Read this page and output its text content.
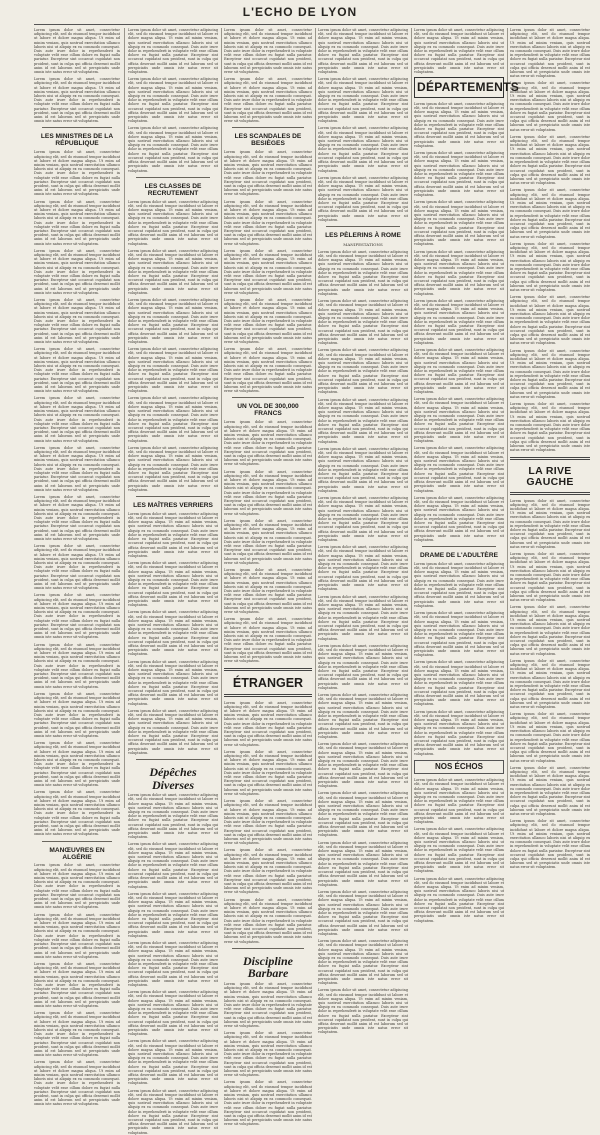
L'ECHO DE LYON

Lorem ipsum dolor sit amet, consectetur adipiscing elit, sed do eiusmod tempor incididunt ut labore et dolore magna aliqua. Ut enim ad minim veniam, quis nostrud exercitation ullamco laboris nisi ut aliquip ex ea commodo consequat. Duis aute irure dolor in reprehenderit in voluptate velit esse cillum dolore eu fugiat nulla pariatur. Excepteur sint occaecat cupidatat non proident, sunt in culpa qui officia deserunt mollit anim id est laborum sed ut perspiciatis unde omnis iste natus error sit voluptatem.

Lorem ipsum dolor sit amet, consectetur adipiscing elit, sed do eiusmod tempor incididunt ut labore et dolore magna aliqua. Ut enim ad minim veniam, quis nostrud exercitation ullamco laboris nisi ut aliquip ex ea commodo consequat. Duis aute irure dolor in reprehenderit in voluptate velit esse cillum dolore eu fugiat nulla pariatur. Excepteur sint occaecat cupidatat non proident, sunt in culpa qui officia deserunt mollit anim id est laborum sed ut perspiciatis unde omnis iste natus error sit voluptatem.

LES MINISTRES DE LA RÉPUBLIQUE

Lorem ipsum dolor sit amet, consectetur adipiscing elit, sed do eiusmod tempor incididunt ut labore et dolore magna aliqua. Ut enim ad minim veniam, quis nostrud exercitation ullamco laboris nisi ut aliquip ex ea commodo consequat. Duis aute irure dolor in reprehenderit in voluptate velit esse cillum dolore eu fugiat nulla pariatur. Excepteur sint occaecat cupidatat non proident, sunt in culpa qui officia deserunt mollit anim id est laborum sed ut perspiciatis unde omnis iste natus error sit voluptatem.

Lorem ipsum dolor sit amet, consectetur adipiscing elit, sed do eiusmod tempor incididunt ut labore et dolore magna aliqua. Ut enim ad minim veniam, quis nostrud exercitation ullamco laboris nisi ut aliquip ex ea commodo consequat. Duis aute irure dolor in reprehenderit in voluptate velit esse cillum dolore eu fugiat nulla pariatur. Excepteur sint occaecat cupidatat non proident, sunt in culpa qui officia deserunt mollit anim id est laborum sed ut perspiciatis unde omnis iste natus error sit voluptatem.

Lorem ipsum dolor sit amet, consectetur adipiscing elit, sed do eiusmod tempor incididunt ut labore et dolore magna aliqua. Ut enim ad minim veniam, quis nostrud exercitation ullamco laboris nisi ut aliquip ex ea commodo consequat. Duis aute irure dolor in reprehenderit in voluptate velit esse cillum dolore eu fugiat nulla pariatur. Excepteur sint occaecat cupidatat non proident, sunt in culpa qui officia deserunt mollit anim id est laborum sed ut perspiciatis unde omnis iste natus error sit voluptatem.

Lorem ipsum dolor sit amet, consectetur adipiscing elit, sed do eiusmod tempor incididunt ut labore et dolore magna aliqua. Ut enim ad minim veniam, quis nostrud exercitation ullamco laboris nisi ut aliquip ex ea commodo consequat. Duis aute irure dolor in reprehenderit in voluptate velit esse cillum dolore eu fugiat nulla pariatur. Excepteur sint occaecat cupidatat non proident, sunt in culpa qui officia deserunt mollit anim id est laborum sed ut perspiciatis unde omnis iste natus error sit voluptatem.

Lorem ipsum dolor sit amet, consectetur adipiscing elit, sed do eiusmod tempor incididunt ut labore et dolore magna aliqua. Ut enim ad minim veniam, quis nostrud exercitation ullamco laboris nisi ut aliquip ex ea commodo consequat. Duis aute irure dolor in reprehenderit in voluptate velit esse cillum dolore eu fugiat nulla pariatur. Excepteur sint occaecat cupidatat non proident, sunt in culpa qui officia deserunt mollit anim id est laborum sed ut perspiciatis unde omnis iste natus error sit voluptatem.

Lorem ipsum dolor sit amet, consectetur adipiscing elit, sed do eiusmod tempor incididunt ut labore et dolore magna aliqua. Ut enim ad minim veniam, quis nostrud exercitation ullamco laboris nisi ut aliquip ex ea commodo consequat. Duis aute irure dolor in reprehenderit in voluptate velit esse cillum dolore eu fugiat nulla pariatur. Excepteur sint occaecat cupidatat non proident, sunt in culpa qui officia deserunt mollit anim id est laborum sed ut perspiciatis unde omnis iste natus error sit voluptatem.

Lorem ipsum dolor sit amet, consectetur adipiscing elit, sed do eiusmod tempor incididunt ut labore et dolore magna aliqua. Ut enim ad minim veniam, quis nostrud exercitation ullamco laboris nisi ut aliquip ex ea commodo consequat. Duis aute irure dolor in reprehenderit in voluptate velit esse cillum dolore eu fugiat nulla pariatur. Excepteur sint occaecat cupidatat non proident, sunt in culpa qui officia deserunt mollit anim id est laborum sed ut perspiciatis unde omnis iste natus error sit voluptatem.

Lorem ipsum dolor sit amet, consectetur adipiscing elit, sed do eiusmod tempor incididunt ut labore et dolore magna aliqua. Ut enim ad minim veniam, quis nostrud exercitation ullamco laboris nisi ut aliquip ex ea commodo consequat. Duis aute irure dolor in reprehenderit in voluptate velit esse cillum dolore eu fugiat nulla pariatur. Excepteur sint occaecat cupidatat non proident, sunt in culpa qui officia deserunt mollit anim id est laborum sed ut perspiciatis unde omnis iste natus error sit voluptatem.

Lorem ipsum dolor sit amet, consectetur adipiscing elit, sed do eiusmod tempor incididunt ut labore et dolore magna aliqua. Ut enim ad minim veniam, quis nostrud exercitation ullamco laboris nisi ut aliquip ex ea commodo consequat. Duis aute irure dolor in reprehenderit in voluptate velit esse cillum dolore eu fugiat nulla pariatur. Excepteur sint occaecat cupidatat non proident, sunt in culpa qui officia deserunt mollit anim id est laborum sed ut perspiciatis unde omnis iste natus error sit voluptatem.

Lorem ipsum dolor sit amet, consectetur adipiscing elit, sed do eiusmod tempor incididunt ut labore et dolore magna aliqua. Ut enim ad minim veniam, quis nostrud exercitation ullamco laboris nisi ut aliquip ex ea commodo consequat. Duis aute irure dolor in reprehenderit in voluptate velit esse cillum dolore eu fugiat nulla pariatur. Excepteur sint occaecat cupidatat non proident, sunt in culpa qui officia deserunt mollit anim id est laborum sed ut perspiciatis unde omnis iste natus error sit voluptatem.

Lorem ipsum dolor sit amet, consectetur adipiscing elit, sed do eiusmod tempor incididunt ut labore et dolore magna aliqua. Ut enim ad minim veniam, quis nostrud exercitation ullamco laboris nisi ut aliquip ex ea commodo consequat. Duis aute irure dolor in reprehenderit in voluptate velit esse cillum dolore eu fugiat nulla pariatur. Excepteur sint occaecat cupidatat non proident, sunt in culpa qui officia deserunt mollit anim id est laborum sed ut perspiciatis unde omnis iste natus error sit voluptatem.

Lorem ipsum dolor sit amet, consectetur adipiscing elit, sed do eiusmod tempor incididunt ut labore et dolore magna aliqua. Ut enim ad minim veniam, quis nostrud exercitation ullamco laboris nisi ut aliquip ex ea commodo consequat. Duis aute irure dolor in reprehenderit in voluptate velit esse cillum dolore eu fugiat nulla pariatur. Excepteur sint occaecat cupidatat non proident, sunt in culpa qui officia deserunt mollit anim id est laborum sed ut perspiciatis unde omnis iste natus error sit voluptatem.

Lorem ipsum dolor sit amet, consectetur adipiscing elit, sed do eiusmod tempor incididunt ut labore et dolore magna aliqua. Ut enim ad minim veniam, quis nostrud exercitation ullamco laboris nisi ut aliquip ex ea commodo consequat. Duis aute irure dolor in reprehenderit in voluptate velit esse cillum dolore eu fugiat nulla pariatur. Excepteur sint occaecat cupidatat non proident, sunt in culpa qui officia deserunt mollit anim id est laborum sed ut perspiciatis unde omnis iste natus error sit voluptatem.

Lorem ipsum dolor sit amet, consectetur adipiscing elit, sed do eiusmod tempor incididunt ut labore et dolore magna aliqua. Ut enim ad minim veniam, quis nostrud exercitation ullamco laboris nisi ut aliquip ex ea commodo consequat. Duis aute irure dolor in reprehenderit in voluptate velit esse cillum dolore eu fugiat nulla pariatur. Excepteur sint occaecat cupidatat non proident, sunt in culpa qui officia deserunt mollit anim id est laborum sed ut perspiciatis unde omnis iste natus error sit voluptatem.

MANŒUVRES EN ALGÉRIE

Lorem ipsum dolor sit amet, consectetur adipiscing elit, sed do eiusmod tempor incididunt ut labore et dolore magna aliqua. Ut enim ad minim veniam, quis nostrud exercitation ullamco laboris nisi ut aliquip ex ea commodo consequat. Duis aute irure dolor in reprehenderit in voluptate velit esse cillum dolore eu fugiat nulla pariatur. Excepteur sint occaecat cupidatat non proident, sunt in culpa qui officia deserunt mollit anim id est laborum sed ut perspiciatis unde omnis iste natus error sit voluptatem.

Lorem ipsum dolor sit amet, consectetur adipiscing elit, sed do eiusmod tempor incididunt ut labore et dolore magna aliqua. Ut enim ad minim veniam, quis nostrud exercitation ullamco laboris nisi ut aliquip ex ea commodo consequat. Duis aute irure dolor in reprehenderit in voluptate velit esse cillum dolore eu fugiat nulla pariatur. Excepteur sint occaecat cupidatat non proident, sunt in culpa qui officia deserunt mollit anim id est laborum sed ut perspiciatis unde omnis iste natus error sit voluptatem.

Lorem ipsum dolor sit amet, consectetur adipiscing elit, sed do eiusmod tempor incididunt ut labore et dolore magna aliqua. Ut enim ad minim veniam, quis nostrud exercitation ullamco laboris nisi ut aliquip ex ea commodo consequat. Duis aute irure dolor in reprehenderit in voluptate velit esse cillum dolore eu fugiat nulla pariatur. Excepteur sint occaecat cupidatat non proident, sunt in culpa qui officia deserunt mollit anim id est laborum sed ut perspiciatis unde omnis iste natus error sit voluptatem.

Lorem ipsum dolor sit amet, consectetur adipiscing elit, sed do eiusmod tempor incididunt ut labore et dolore magna aliqua. Ut enim ad minim veniam, quis nostrud exercitation ullamco laboris nisi ut aliquip ex ea commodo consequat. Duis aute irure dolor in reprehenderit in voluptate velit esse cillum dolore eu fugiat nulla pariatur. Excepteur sint occaecat cupidatat non proident, sunt in culpa qui officia deserunt mollit anim id est laborum sed ut perspiciatis unde omnis iste natus error sit voluptatem.

Lorem ipsum dolor sit amet, consectetur adipiscing elit, sed do eiusmod tempor incididunt ut labore et dolore magna aliqua. Ut enim ad minim veniam, quis nostrud exercitation ullamco laboris nisi ut aliquip ex ea commodo consequat. Duis aute irure dolor in reprehenderit in voluptate velit esse cillum dolore eu fugiat nulla pariatur. Excepteur sint occaecat cupidatat non proident, sunt in culpa qui officia deserunt mollit anim id est laborum sed ut perspiciatis unde omnis iste natus error sit voluptatem.

Lorem ipsum dolor sit amet, consectetur adipiscing elit, sed do eiusmod tempor incididunt ut labore et dolore magna aliqua. Ut enim ad minim veniam, quis nostrud exercitation ullamco laboris nisi ut aliquip ex ea commodo consequat. Duis aute irure dolor in reprehenderit in voluptate velit esse cillum dolore eu fugiat nulla pariatur. Excepteur sint occaecat cupidatat non proident, sunt in culpa qui officia deserunt mollit anim id est laborum sed ut perspiciatis unde omnis iste natus error sit voluptatem.

Lorem ipsum dolor sit amet, consectetur adipiscing elit, sed do eiusmod tempor incididunt ut labore et dolore magna aliqua. Ut enim ad minim veniam, quis nostrud exercitation ullamco laboris nisi ut aliquip ex ea commodo consequat. Duis aute irure dolor in reprehenderit in voluptate velit esse cillum dolore eu fugiat nulla pariatur. Excepteur sint occaecat cupidatat non proident, sunt in culpa qui officia deserunt mollit anim id est laborum sed ut perspiciatis unde omnis iste natus error sit voluptatem.

Lorem ipsum dolor sit amet, consectetur adipiscing elit, sed do eiusmod tempor incididunt ut labore et dolore magna aliqua. Ut enim ad minim veniam, quis nostrud exercitation ullamco laboris nisi ut aliquip ex ea commodo consequat. Duis aute irure dolor in reprehenderit in voluptate velit esse cillum dolore eu fugiat nulla pariatur. Excepteur sint occaecat cupidatat non proident, sunt in culpa qui officia deserunt mollit anim id est laborum sed ut perspiciatis unde omnis iste natus error sit voluptatem.

LES CLASSES DE RECRUTEMENT

Lorem ipsum dolor sit amet, consectetur adipiscing elit, sed do eiusmod tempor incididunt ut labore et dolore magna aliqua. Ut enim ad minim veniam, quis nostrud exercitation ullamco laboris nisi ut aliquip ex ea commodo consequat. Duis aute irure dolor in reprehenderit in voluptate velit esse cillum dolore eu fugiat nulla pariatur. Excepteur sint occaecat cupidatat non proident, sunt in culpa qui officia deserunt mollit anim id est laborum sed ut perspiciatis unde omnis iste natus error sit voluptatem.

Lorem ipsum dolor sit amet, consectetur adipiscing elit, sed do eiusmod tempor incididunt ut labore et dolore magna aliqua. Ut enim ad minim veniam, quis nostrud exercitation ullamco laboris nisi ut aliquip ex ea commodo consequat. Duis aute irure dolor in reprehenderit in voluptate velit esse cillum dolore eu fugiat nulla pariatur. Excepteur sint occaecat cupidatat non proident, sunt in culpa qui officia deserunt mollit anim id est laborum sed ut perspiciatis unde omnis iste natus error sit voluptatem.

Lorem ipsum dolor sit amet, consectetur adipiscing elit, sed do eiusmod tempor incididunt ut labore et dolore magna aliqua. Ut enim ad minim veniam, quis nostrud exercitation ullamco laboris nisi ut aliquip ex ea commodo consequat. Duis aute irure dolor in reprehenderit in voluptate velit esse cillum dolore eu fugiat nulla pariatur. Excepteur sint occaecat cupidatat non proident, sunt in culpa qui officia deserunt mollit anim id est laborum sed ut perspiciatis unde omnis iste natus error sit voluptatem.

Lorem ipsum dolor sit amet, consectetur adipiscing elit, sed do eiusmod tempor incididunt ut labore et dolore magna aliqua. Ut enim ad minim veniam, quis nostrud exercitation ullamco laboris nisi ut aliquip ex ea commodo consequat. Duis aute irure dolor in reprehenderit in voluptate velit esse cillum dolore eu fugiat nulla pariatur. Excepteur sint occaecat cupidatat non proident, sunt in culpa qui officia deserunt mollit anim id est laborum sed ut perspiciatis unde omnis iste natus error sit voluptatem.

Lorem ipsum dolor sit amet, consectetur adipiscing elit, sed do eiusmod tempor incididunt ut labore et dolore magna aliqua. Ut enim ad minim veniam, quis nostrud exercitation ullamco laboris nisi ut aliquip ex ea commodo consequat. Duis aute irure dolor in reprehenderit in voluptate velit esse cillum dolore eu fugiat nulla pariatur. Excepteur sint occaecat cupidatat non proident, sunt in culpa qui officia deserunt mollit anim id est laborum sed ut perspiciatis unde omnis iste natus error sit voluptatem.

Lorem ipsum dolor sit amet, consectetur adipiscing elit, sed do eiusmod tempor incididunt ut labore et dolore magna aliqua. Ut enim ad minim veniam, quis nostrud exercitation ullamco laboris nisi ut aliquip ex ea commodo consequat. Duis aute irure dolor in reprehenderit in voluptate velit esse cillum dolore eu fugiat nulla pariatur. Excepteur sint occaecat cupidatat non proident, sunt in culpa qui officia deserunt mollit anim id est laborum sed ut perspiciatis unde omnis iste natus error sit voluptatem.

LES MAÎTRES VERRIERS

Lorem ipsum dolor sit amet, consectetur adipiscing elit, sed do eiusmod tempor incididunt ut labore et dolore magna aliqua. Ut enim ad minim veniam, quis nostrud exercitation ullamco laboris nisi ut aliquip ex ea commodo consequat. Duis aute irure dolor in reprehenderit in voluptate velit esse cillum dolore eu fugiat nulla pariatur. Excepteur sint occaecat cupidatat non proident, sunt in culpa qui officia deserunt mollit anim id est laborum sed ut perspiciatis unde omnis iste natus error sit voluptatem.

Lorem ipsum dolor sit amet, consectetur adipiscing elit, sed do eiusmod tempor incididunt ut labore et dolore magna aliqua. Ut enim ad minim veniam, quis nostrud exercitation ullamco laboris nisi ut aliquip ex ea commodo consequat. Duis aute irure dolor in reprehenderit in voluptate velit esse cillum dolore eu fugiat nulla pariatur. Excepteur sint occaecat cupidatat non proident, sunt in culpa qui officia deserunt mollit anim id est laborum sed ut perspiciatis unde omnis iste natus error sit voluptatem.

Lorem ipsum dolor sit amet, consectetur adipiscing elit, sed do eiusmod tempor incididunt ut labore et dolore magna aliqua. Ut enim ad minim veniam, quis nostrud exercitation ullamco laboris nisi ut aliquip ex ea commodo consequat. Duis aute irure dolor in reprehenderit in voluptate velit esse cillum dolore eu fugiat nulla pariatur. Excepteur sint occaecat cupidatat non proident, sunt in culpa qui officia deserunt mollit anim id est laborum sed ut perspiciatis unde omnis iste natus error sit voluptatem.

Lorem ipsum dolor sit amet, consectetur adipiscing elit, sed do eiusmod tempor incididunt ut labore et dolore magna aliqua. Ut enim ad minim veniam, quis nostrud exercitation ullamco laboris nisi ut aliquip ex ea commodo consequat. Duis aute irure dolor in reprehenderit in voluptate velit esse cillum dolore eu fugiat nulla pariatur. Excepteur sint occaecat cupidatat non proident, sunt in culpa qui officia deserunt mollit anim id est laborum sed ut perspiciatis unde omnis iste natus error sit voluptatem.

Lorem ipsum dolor sit amet, consectetur adipiscing elit, sed do eiusmod tempor incididunt ut labore et dolore magna aliqua. Ut enim ad minim veniam, quis nostrud exercitation ullamco laboris nisi ut aliquip ex ea commodo consequat. Duis aute irure dolor in reprehenderit in voluptate velit esse cillum dolore eu fugiat nulla pariatur. Excepteur sint occaecat cupidatat non proident, sunt in culpa qui officia deserunt mollit anim id est laborum sed ut perspiciatis unde omnis iste natus error sit voluptatem.

Dépêches Diverses

Lorem ipsum dolor sit amet, consectetur adipiscing elit, sed do eiusmod tempor incididunt ut labore et dolore magna aliqua. Ut enim ad minim veniam, quis nostrud exercitation ullamco laboris nisi ut aliquip ex ea commodo consequat. Duis aute irure dolor in reprehenderit in voluptate velit esse cillum dolore eu fugiat nulla pariatur. Excepteur sint occaecat cupidatat non proident, sunt in culpa qui officia deserunt mollit anim id est laborum sed ut perspiciatis unde omnis iste natus error sit voluptatem.

Lorem ipsum dolor sit amet, consectetur adipiscing elit, sed do eiusmod tempor incididunt ut labore et dolore magna aliqua. Ut enim ad minim veniam, quis nostrud exercitation ullamco laboris nisi ut aliquip ex ea commodo consequat. Duis aute irure dolor in reprehenderit in voluptate velit esse cillum dolore eu fugiat nulla pariatur. Excepteur sint occaecat cupidatat non proident, sunt in culpa qui officia deserunt mollit anim id est laborum sed ut perspiciatis unde omnis iste natus error sit voluptatem.

Lorem ipsum dolor sit amet, consectetur adipiscing elit, sed do eiusmod tempor incididunt ut labore et dolore magna aliqua. Ut enim ad minim veniam, quis nostrud exercitation ullamco laboris nisi ut aliquip ex ea commodo consequat. Duis aute irure dolor in reprehenderit in voluptate velit esse cillum dolore eu fugiat nulla pariatur. Excepteur sint occaecat cupidatat non proident, sunt in culpa qui officia deserunt mollit anim id est laborum sed ut perspiciatis unde omnis iste natus error sit voluptatem.

Lorem ipsum dolor sit amet, consectetur adipiscing elit, sed do eiusmod tempor incididunt ut labore et dolore magna aliqua. Ut enim ad minim veniam, quis nostrud exercitation ullamco laboris nisi ut aliquip ex ea commodo consequat. Duis aute irure dolor in reprehenderit in voluptate velit esse cillum dolore eu fugiat nulla pariatur. Excepteur sint occaecat cupidatat non proident, sunt in culpa qui officia deserunt mollit anim id est laborum sed ut perspiciatis unde omnis iste natus error sit voluptatem.

Lorem ipsum dolor sit amet, consectetur adipiscing elit, sed do eiusmod tempor incididunt ut labore et dolore magna aliqua. Ut enim ad minim veniam, quis nostrud exercitation ullamco laboris nisi ut aliquip ex ea commodo consequat. Duis aute irure dolor in reprehenderit in voluptate velit esse cillum dolore eu fugiat nulla pariatur. Excepteur sint occaecat cupidatat non proident, sunt in culpa qui officia deserunt mollit anim id est laborum sed ut perspiciatis unde omnis iste natus error sit voluptatem.

Lorem ipsum dolor sit amet, consectetur adipiscing elit, sed do eiusmod tempor incididunt ut labore et dolore magna aliqua. Ut enim ad minim veniam, quis nostrud exercitation ullamco laboris nisi ut aliquip ex ea commodo consequat. Duis aute irure dolor in reprehenderit in voluptate velit esse cillum dolore eu fugiat nulla pariatur. Excepteur sint occaecat cupidatat non proident, sunt in culpa qui officia deserunt mollit anim id est laborum sed ut perspiciatis unde omnis iste natus error sit voluptatem.

Lorem ipsum dolor sit amet, consectetur adipiscing elit, sed do eiusmod tempor incididunt ut labore et dolore magna aliqua. Ut enim ad minim veniam, quis nostrud exercitation ullamco laboris nisi ut aliquip ex ea commodo consequat. Duis aute irure dolor in reprehenderit in voluptate velit esse cillum dolore eu fugiat nulla pariatur. Excepteur sint occaecat cupidatat non proident, sunt in culpa qui officia deserunt mollit anim id est laborum sed ut perspiciatis unde omnis iste natus error sit voluptatem.

Lorem ipsum dolor sit amet, consectetur adipiscing elit, sed do eiusmod tempor incididunt ut labore et dolore magna aliqua. Ut enim ad minim veniam, quis nostrud exercitation ullamco laboris nisi ut aliquip ex ea commodo consequat. Duis aute irure dolor in reprehenderit in voluptate velit esse cillum dolore eu fugiat nulla pariatur. Excepteur sint occaecat cupidatat non proident, sunt in culpa qui officia deserunt mollit anim id est laborum sed ut perspiciatis unde omnis iste natus error sit voluptatem.

Lorem ipsum dolor sit amet, consectetur adipiscing elit, sed do eiusmod tempor incididunt ut labore et dolore magna aliqua. Ut enim ad minim veniam, quis nostrud exercitation ullamco laboris nisi ut aliquip ex ea commodo consequat. Duis aute irure dolor in reprehenderit in voluptate velit esse cillum dolore eu fugiat nulla pariatur. Excepteur sint occaecat cupidatat non proident, sunt in culpa qui officia deserunt mollit anim id est laborum sed ut perspiciatis unde omnis iste natus error sit voluptatem.

LES SCANDALES DE BESIÈGES

Lorem ipsum dolor sit amet, consectetur adipiscing elit, sed do eiusmod tempor incididunt ut labore et dolore magna aliqua. Ut enim ad minim veniam, quis nostrud exercitation ullamco laboris nisi ut aliquip ex ea commodo consequat. Duis aute irure dolor in reprehenderit in voluptate velit esse cillum dolore eu fugiat nulla pariatur. Excepteur sint occaecat cupidatat non proident, sunt in culpa qui officia deserunt mollit anim id est laborum sed ut perspiciatis unde omnis iste natus error sit voluptatem.

Lorem ipsum dolor sit amet, consectetur adipiscing elit, sed do eiusmod tempor incididunt ut labore et dolore magna aliqua. Ut enim ad minim veniam, quis nostrud exercitation ullamco laboris nisi ut aliquip ex ea commodo consequat. Duis aute irure dolor in reprehenderit in voluptate velit esse cillum dolore eu fugiat nulla pariatur. Excepteur sint occaecat cupidatat non proident, sunt in culpa qui officia deserunt mollit anim id est laborum sed ut perspiciatis unde omnis iste natus error sit voluptatem.

Lorem ipsum dolor sit amet, consectetur adipiscing elit, sed do eiusmod tempor incididunt ut labore et dolore magna aliqua. Ut enim ad minim veniam, quis nostrud exercitation ullamco laboris nisi ut aliquip ex ea commodo consequat. Duis aute irure dolor in reprehenderit in voluptate velit esse cillum dolore eu fugiat nulla pariatur. Excepteur sint occaecat cupidatat non proident, sunt in culpa qui officia deserunt mollit anim id est laborum sed ut perspiciatis unde omnis iste natus error sit voluptatem.

Lorem ipsum dolor sit amet, consectetur adipiscing elit, sed do eiusmod tempor incididunt ut labore et dolore magna aliqua. Ut enim ad minim veniam, quis nostrud exercitation ullamco laboris nisi ut aliquip ex ea commodo consequat. Duis aute irure dolor in reprehenderit in voluptate velit esse cillum dolore eu fugiat nulla pariatur. Excepteur sint occaecat cupidatat non proident, sunt in culpa qui officia deserunt mollit anim id est laborum sed ut perspiciatis unde omnis iste natus error sit voluptatem.

Lorem ipsum dolor sit amet, consectetur adipiscing elit, sed do eiusmod tempor incididunt ut labore et dolore magna aliqua. Ut enim ad minim veniam, quis nostrud exercitation ullamco laboris nisi ut aliquip ex ea commodo consequat. Duis aute irure dolor in reprehenderit in voluptate velit esse cillum dolore eu fugiat nulla pariatur. Excepteur sint occaecat cupidatat non proident, sunt in culpa qui officia deserunt mollit anim id est laborum sed ut perspiciatis unde omnis iste natus error sit voluptatem.

UN VOL DE 300,000 FRANCS

Lorem ipsum dolor sit amet, consectetur adipiscing elit, sed do eiusmod tempor incididunt ut labore et dolore magna aliqua. Ut enim ad minim veniam, quis nostrud exercitation ullamco laboris nisi ut aliquip ex ea commodo consequat. Duis aute irure dolor in reprehenderit in voluptate velit esse cillum dolore eu fugiat nulla pariatur. Excepteur sint occaecat cupidatat non proident, sunt in culpa qui officia deserunt mollit anim id est laborum sed ut perspiciatis unde omnis iste natus error sit voluptatem.

Lorem ipsum dolor sit amet, consectetur adipiscing elit, sed do eiusmod tempor incididunt ut labore et dolore magna aliqua. Ut enim ad minim veniam, quis nostrud exercitation ullamco laboris nisi ut aliquip ex ea commodo consequat. Duis aute irure dolor in reprehenderit in voluptate velit esse cillum dolore eu fugiat nulla pariatur. Excepteur sint occaecat cupidatat non proident, sunt in culpa qui officia deserunt mollit anim id est laborum sed ut perspiciatis unde omnis iste natus error sit voluptatem.

Lorem ipsum dolor sit amet, consectetur adipiscing elit, sed do eiusmod tempor incididunt ut labore et dolore magna aliqua. Ut enim ad minim veniam, quis nostrud exercitation ullamco laboris nisi ut aliquip ex ea commodo consequat. Duis aute irure dolor in reprehenderit in voluptate velit esse cillum dolore eu fugiat nulla pariatur. Excepteur sint occaecat cupidatat non proident, sunt in culpa qui officia deserunt mollit anim id est laborum sed ut perspiciatis unde omnis iste natus error sit voluptatem.

Lorem ipsum dolor sit amet, consectetur adipiscing elit, sed do eiusmod tempor incididunt ut labore et dolore magna aliqua. Ut enim ad minim veniam, quis nostrud exercitation ullamco laboris nisi ut aliquip ex ea commodo consequat. Duis aute irure dolor in reprehenderit in voluptate velit esse cillum dolore eu fugiat nulla pariatur. Excepteur sint occaecat cupidatat non proident, sunt in culpa qui officia deserunt mollit anim id est laborum sed ut perspiciatis unde omnis iste natus error sit voluptatem.

Lorem ipsum dolor sit amet, consectetur adipiscing elit, sed do eiusmod tempor incididunt ut labore et dolore magna aliqua. Ut enim ad minim veniam, quis nostrud exercitation ullamco laboris nisi ut aliquip ex ea commodo consequat. Duis aute irure dolor in reprehenderit in voluptate velit esse cillum dolore eu fugiat nulla pariatur. Excepteur sint occaecat cupidatat non proident, sunt in culpa qui officia deserunt mollit anim id est laborum sed ut perspiciatis unde omnis iste natus error sit voluptatem.

ÉTRANGER

Lorem ipsum dolor sit amet, consectetur adipiscing elit, sed do eiusmod tempor incididunt ut labore et dolore magna aliqua. Ut enim ad minim veniam, quis nostrud exercitation ullamco laboris nisi ut aliquip ex ea commodo consequat. Duis aute irure dolor in reprehenderit in voluptate velit esse cillum dolore eu fugiat nulla pariatur. Excepteur sint occaecat cupidatat non proident, sunt in culpa qui officia deserunt mollit anim id est laborum sed ut perspiciatis unde omnis iste natus error sit voluptatem.

Lorem ipsum dolor sit amet, consectetur adipiscing elit, sed do eiusmod tempor incididunt ut labore et dolore magna aliqua. Ut enim ad minim veniam, quis nostrud exercitation ullamco laboris nisi ut aliquip ex ea commodo consequat. Duis aute irure dolor in reprehenderit in voluptate velit esse cillum dolore eu fugiat nulla pariatur. Excepteur sint occaecat cupidatat non proident, sunt in culpa qui officia deserunt mollit anim id est laborum sed ut perspiciatis unde omnis iste natus error sit voluptatem.

Lorem ipsum dolor sit amet, consectetur adipiscing elit, sed do eiusmod tempor incididunt ut labore et dolore magna aliqua. Ut enim ad minim veniam, quis nostrud exercitation ullamco laboris nisi ut aliquip ex ea commodo consequat. Duis aute irure dolor in reprehenderit in voluptate velit esse cillum dolore eu fugiat nulla pariatur. Excepteur sint occaecat cupidatat non proident, sunt in culpa qui officia deserunt mollit anim id est laborum sed ut perspiciatis unde omnis iste natus error sit voluptatem.

Lorem ipsum dolor sit amet, consectetur adipiscing elit, sed do eiusmod tempor incididunt ut labore et dolore magna aliqua. Ut enim ad minim veniam, quis nostrud exercitation ullamco laboris nisi ut aliquip ex ea commodo consequat. Duis aute irure dolor in reprehenderit in voluptate velit esse cillum dolore eu fugiat nulla pariatur. Excepteur sint occaecat cupidatat non proident, sunt in culpa qui officia deserunt mollit anim id est laborum sed ut perspiciatis unde omnis iste natus error sit voluptatem.

Lorem ipsum dolor sit amet, consectetur adipiscing elit, sed do eiusmod tempor incididunt ut labore et dolore magna aliqua. Ut enim ad minim veniam, quis nostrud exercitation ullamco laboris nisi ut aliquip ex ea commodo consequat. Duis aute irure dolor in reprehenderit in voluptate velit esse cillum dolore eu fugiat nulla pariatur. Excepteur sint occaecat cupidatat non proident, sunt in culpa qui officia deserunt mollit anim id est laborum sed ut perspiciatis unde omnis iste natus error sit voluptatem.

Discipline Barbare

Lorem ipsum dolor sit amet, consectetur adipiscing elit, sed do eiusmod tempor incididunt ut labore et dolore magna aliqua. Ut enim ad minim veniam, quis nostrud exercitation ullamco laboris nisi ut aliquip ex ea commodo consequat. Duis aute irure dolor in reprehenderit in voluptate velit esse cillum dolore eu fugiat nulla pariatur. Excepteur sint occaecat cupidatat non proident, sunt in culpa qui officia deserunt mollit anim id est laborum sed ut perspiciatis unde omnis iste natus error sit voluptatem.

Lorem ipsum dolor sit amet, consectetur adipiscing elit, sed do eiusmod tempor incididunt ut labore et dolore magna aliqua. Ut enim ad minim veniam, quis nostrud exercitation ullamco laboris nisi ut aliquip ex ea commodo consequat. Duis aute irure dolor in reprehenderit in voluptate velit esse cillum dolore eu fugiat nulla pariatur. Excepteur sint occaecat cupidatat non proident, sunt in culpa qui officia deserunt mollit anim id est laborum sed ut perspiciatis unde omnis iste natus error sit voluptatem.

Lorem ipsum dolor sit amet, consectetur adipiscing elit, sed do eiusmod tempor incididunt ut labore et dolore magna aliqua. Ut enim ad minim veniam, quis nostrud exercitation ullamco laboris nisi ut aliquip ex ea commodo consequat. Duis aute irure dolor in reprehenderit in voluptate velit esse cillum dolore eu fugiat nulla pariatur. Excepteur sint occaecat cupidatat non proident, sunt in culpa qui officia deserunt mollit anim id est laborum sed ut perspiciatis unde omnis iste natus error sit voluptatem.

Lorem ipsum dolor sit amet, consectetur adipiscing elit, sed do eiusmod tempor incididunt ut labore et dolore magna aliqua. Ut enim ad minim veniam, quis nostrud exercitation ullamco laboris nisi ut aliquip ex ea commodo consequat. Duis aute irure dolor in reprehenderit in voluptate velit esse cillum dolore eu fugiat nulla pariatur. Excepteur sint occaecat cupidatat non proident, sunt in culpa qui officia deserunt mollit anim id est laborum sed ut perspiciatis unde omnis iste natus error sit voluptatem.

Lorem ipsum dolor sit amet, consectetur adipiscing elit, sed do eiusmod tempor incididunt ut labore et dolore magna aliqua. Ut enim ad minim veniam, quis nostrud exercitation ullamco laboris nisi ut aliquip ex ea commodo consequat. Duis aute irure dolor in reprehenderit in voluptate velit esse cillum dolore eu fugiat nulla pariatur. Excepteur sint occaecat cupidatat non proident, sunt in culpa qui officia deserunt mollit anim id est laborum sed ut perspiciatis unde omnis iste natus error sit voluptatem.

Lorem ipsum dolor sit amet, consectetur adipiscing elit, sed do eiusmod tempor incididunt ut labore et dolore magna aliqua. Ut enim ad minim veniam, quis nostrud exercitation ullamco laboris nisi ut aliquip ex ea commodo consequat. Duis aute irure dolor in reprehenderit in voluptate velit esse cillum dolore eu fugiat nulla pariatur. Excepteur sint occaecat cupidatat non proident, sunt in culpa qui officia deserunt mollit anim id est laborum sed ut perspiciatis unde omnis iste natus error sit voluptatem.

Lorem ipsum dolor sit amet, consectetur adipiscing elit, sed do eiusmod tempor incididunt ut labore et dolore magna aliqua. Ut enim ad minim veniam, quis nostrud exercitation ullamco laboris nisi ut aliquip ex ea commodo consequat. Duis aute irure dolor in reprehenderit in voluptate velit esse cillum dolore eu fugiat nulla pariatur. Excepteur sint occaecat cupidatat non proident, sunt in culpa qui officia deserunt mollit anim id est laborum sed ut perspiciatis unde omnis iste natus error sit voluptatem.

LES PÈLERINS À ROME
MANIFESTATIONS

Lorem ipsum dolor sit amet, consectetur adipiscing elit, sed do eiusmod tempor incididunt ut labore et dolore magna aliqua. Ut enim ad minim veniam, quis nostrud exercitation ullamco laboris nisi ut aliquip ex ea commodo consequat. Duis aute irure dolor in reprehenderit in voluptate velit esse cillum dolore eu fugiat nulla pariatur. Excepteur sint occaecat cupidatat non proident, sunt in culpa qui officia deserunt mollit anim id est laborum sed ut perspiciatis unde omnis iste natus error sit voluptatem.

Lorem ipsum dolor sit amet, consectetur adipiscing elit, sed do eiusmod tempor incididunt ut labore et dolore magna aliqua. Ut enim ad minim veniam, quis nostrud exercitation ullamco laboris nisi ut aliquip ex ea commodo consequat. Duis aute irure dolor in reprehenderit in voluptate velit esse cillum dolore eu fugiat nulla pariatur. Excepteur sint occaecat cupidatat non proident, sunt in culpa qui officia deserunt mollit anim id est laborum sed ut perspiciatis unde omnis iste natus error sit voluptatem.

Lorem ipsum dolor sit amet, consectetur adipiscing elit, sed do eiusmod tempor incididunt ut labore et dolore magna aliqua. Ut enim ad minim veniam, quis nostrud exercitation ullamco laboris nisi ut aliquip ex ea commodo consequat. Duis aute irure dolor in reprehenderit in voluptate velit esse cillum dolore eu fugiat nulla pariatur. Excepteur sint occaecat cupidatat non proident, sunt in culpa qui officia deserunt mollit anim id est laborum sed ut perspiciatis unde omnis iste natus error sit voluptatem.

Lorem ipsum dolor sit amet, consectetur adipiscing elit, sed do eiusmod tempor incididunt ut labore et dolore magna aliqua. Ut enim ad minim veniam, quis nostrud exercitation ullamco laboris nisi ut aliquip ex ea commodo consequat. Duis aute irure dolor in reprehenderit in voluptate velit esse cillum dolore eu fugiat nulla pariatur. Excepteur sint occaecat cupidatat non proident, sunt in culpa qui officia deserunt mollit anim id est laborum sed ut perspiciatis unde omnis iste natus error sit voluptatem.

Lorem ipsum dolor sit amet, consectetur adipiscing elit, sed do eiusmod tempor incididunt ut labore et dolore magna aliqua. Ut enim ad minim veniam, quis nostrud exercitation ullamco laboris nisi ut aliquip ex ea commodo consequat. Duis aute irure dolor in reprehenderit in voluptate velit esse cillum dolore eu fugiat nulla pariatur. Excepteur sint occaecat cupidatat non proident, sunt in culpa qui officia deserunt mollit anim id est laborum sed ut perspiciatis unde omnis iste natus error sit voluptatem.

Lorem ipsum dolor sit amet, consectetur adipiscing elit, sed do eiusmod tempor incididunt ut labore et dolore magna aliqua. Ut enim ad minim veniam, quis nostrud exercitation ullamco laboris nisi ut aliquip ex ea commodo consequat. Duis aute irure dolor in reprehenderit in voluptate velit esse cillum dolore eu fugiat nulla pariatur. Excepteur sint occaecat cupidatat non proident, sunt in culpa qui officia deserunt mollit anim id est laborum sed ut perspiciatis unde omnis iste natus error sit voluptatem.

Lorem ipsum dolor sit amet, consectetur adipiscing elit, sed do eiusmod tempor incididunt ut labore et dolore magna aliqua. Ut enim ad minim veniam, quis nostrud exercitation ullamco laboris nisi ut aliquip ex ea commodo consequat. Duis aute irure dolor in reprehenderit in voluptate velit esse cillum dolore eu fugiat nulla pariatur. Excepteur sint occaecat cupidatat non proident, sunt in culpa qui officia deserunt mollit anim id est laborum sed ut perspiciatis unde omnis iste natus error sit voluptatem.

Lorem ipsum dolor sit amet, consectetur adipiscing elit, sed do eiusmod tempor incididunt ut labore et dolore magna aliqua. Ut enim ad minim veniam, quis nostrud exercitation ullamco laboris nisi ut aliquip ex ea commodo consequat. Duis aute irure dolor in reprehenderit in voluptate velit esse cillum dolore eu fugiat nulla pariatur. Excepteur sint occaecat cupidatat non proident, sunt in culpa qui officia deserunt mollit anim id est laborum sed ut perspiciatis unde omnis iste natus error sit voluptatem.

Lorem ipsum dolor sit amet, consectetur adipiscing elit, sed do eiusmod tempor incididunt ut labore et dolore magna aliqua. Ut enim ad minim veniam, quis nostrud exercitation ullamco laboris nisi ut aliquip ex ea commodo consequat. Duis aute irure dolor in reprehenderit in voluptate velit esse cillum dolore eu fugiat nulla pariatur. Excepteur sint occaecat cupidatat non proident, sunt in culpa qui officia deserunt mollit anim id est laborum sed ut perspiciatis unde omnis iste natus error sit voluptatem.

Lorem ipsum dolor sit amet, consectetur adipiscing elit, sed do eiusmod tempor incididunt ut labore et dolore magna aliqua. Ut enim ad minim veniam, quis nostrud exercitation ullamco laboris nisi ut aliquip ex ea commodo consequat. Duis aute irure dolor in reprehenderit in voluptate velit esse cillum dolore eu fugiat nulla pariatur. Excepteur sint occaecat cupidatat non proident, sunt in culpa qui officia deserunt mollit anim id est laborum sed ut perspiciatis unde omnis iste natus error sit voluptatem.

Lorem ipsum dolor sit amet, consectetur adipiscing elit, sed do eiusmod tempor incididunt ut labore et dolore magna aliqua. Ut enim ad minim veniam, quis nostrud exercitation ullamco laboris nisi ut aliquip ex ea commodo consequat. Duis aute irure dolor in reprehenderit in voluptate velit esse cillum dolore eu fugiat nulla pariatur. Excepteur sint occaecat cupidatat non proident, sunt in culpa qui officia deserunt mollit anim id est laborum sed ut perspiciatis unde omnis iste natus error sit voluptatem.

Lorem ipsum dolor sit amet, consectetur adipiscing elit, sed do eiusmod tempor incididunt ut labore et dolore magna aliqua. Ut enim ad minim veniam, quis nostrud exercitation ullamco laboris nisi ut aliquip ex ea commodo consequat. Duis aute irure dolor in reprehenderit in voluptate velit esse cillum dolore eu fugiat nulla pariatur. Excepteur sint occaecat cupidatat non proident, sunt in culpa qui officia deserunt mollit anim id est laborum sed ut perspiciatis unde omnis iste natus error sit voluptatem.

Lorem ipsum dolor sit amet, consectetur adipiscing elit, sed do eiusmod tempor incididunt ut labore et dolore magna aliqua. Ut enim ad minim veniam, quis nostrud exercitation ullamco laboris nisi ut aliquip ex ea commodo consequat. Duis aute irure dolor in reprehenderit in voluptate velit esse cillum dolore eu fugiat nulla pariatur. Excepteur sint occaecat cupidatat non proident, sunt in culpa qui officia deserunt mollit anim id est laborum sed ut perspiciatis unde omnis iste natus error sit voluptatem.

Lorem ipsum dolor sit amet, consectetur adipiscing elit, sed do eiusmod tempor incididunt ut labore et dolore magna aliqua. Ut enim ad minim veniam, quis nostrud exercitation ullamco laboris nisi ut aliquip ex ea commodo consequat. Duis aute irure dolor in reprehenderit in voluptate velit esse cillum dolore eu fugiat nulla pariatur. Excepteur sint occaecat cupidatat non proident, sunt in culpa qui officia deserunt mollit anim id est laborum sed ut perspiciatis unde omnis iste natus error sit voluptatem.

Lorem ipsum dolor sit amet, consectetur adipiscing elit, sed do eiusmod tempor incididunt ut labore et dolore magna aliqua. Ut enim ad minim veniam, quis nostrud exercitation ullamco laboris nisi ut aliquip ex ea commodo consequat. Duis aute irure dolor in reprehenderit in voluptate velit esse cillum dolore eu fugiat nulla pariatur. Excepteur sint occaecat cupidatat non proident, sunt in culpa qui officia deserunt mollit anim id est laborum sed ut perspiciatis unde omnis iste natus error sit voluptatem.

Lorem ipsum dolor sit amet, consectetur adipiscing elit, sed do eiusmod tempor incididunt ut labore et dolore magna aliqua. Ut enim ad minim veniam, quis nostrud exercitation ullamco laboris nisi ut aliquip ex ea commodo consequat. Duis aute irure dolor in reprehenderit in voluptate velit esse cillum dolore eu fugiat nulla pariatur. Excepteur sint occaecat cupidatat non proident, sunt in culpa qui officia deserunt mollit anim id est laborum sed ut perspiciatis unde omnis iste natus error sit voluptatem.

Lorem ipsum dolor sit amet, consectetur adipiscing elit, sed do eiusmod tempor incididunt ut labore et dolore magna aliqua. Ut enim ad minim veniam, quis nostrud exercitation ullamco laboris nisi ut aliquip ex ea commodo consequat. Duis aute irure dolor in reprehenderit in voluptate velit esse cillum dolore eu fugiat nulla pariatur. Excepteur sint occaecat cupidatat non proident, sunt in culpa qui officia deserunt mollit anim id est laborum sed ut perspiciatis unde omnis iste natus error sit voluptatem.

DÉPARTEMENTS

Lorem ipsum dolor sit amet, consectetur adipiscing elit, sed do eiusmod tempor incididunt ut labore et dolore magna aliqua. Ut enim ad minim veniam, quis nostrud exercitation ullamco laboris nisi ut aliquip ex ea commodo consequat. Duis aute irure dolor in reprehenderit in voluptate velit esse cillum dolore eu fugiat nulla pariatur. Excepteur sint occaecat cupidatat non proident, sunt in culpa qui officia deserunt mollit anim id est laborum sed ut perspiciatis unde omnis iste natus error sit voluptatem.

Lorem ipsum dolor sit amet, consectetur adipiscing elit, sed do eiusmod tempor incididunt ut labore et dolore magna aliqua. Ut enim ad minim veniam, quis nostrud exercitation ullamco laboris nisi ut aliquip ex ea commodo consequat. Duis aute irure dolor in reprehenderit in voluptate velit esse cillum dolore eu fugiat nulla pariatur. Excepteur sint occaecat cupidatat non proident, sunt in culpa qui officia deserunt mollit anim id est laborum sed ut perspiciatis unde omnis iste natus error sit voluptatem.

Lorem ipsum dolor sit amet, consectetur adipiscing elit, sed do eiusmod tempor incididunt ut labore et dolore magna aliqua. Ut enim ad minim veniam, quis nostrud exercitation ullamco laboris nisi ut aliquip ex ea commodo consequat. Duis aute irure dolor in reprehenderit in voluptate velit esse cillum dolore eu fugiat nulla pariatur. Excepteur sint occaecat cupidatat non proident, sunt in culpa qui officia deserunt mollit anim id est laborum sed ut perspiciatis unde omnis iste natus error sit voluptatem.

Lorem ipsum dolor sit amet, consectetur adipiscing elit, sed do eiusmod tempor incididunt ut labore et dolore magna aliqua. Ut enim ad minim veniam, quis nostrud exercitation ullamco laboris nisi ut aliquip ex ea commodo consequat. Duis aute irure dolor in reprehenderit in voluptate velit esse cillum dolore eu fugiat nulla pariatur. Excepteur sint occaecat cupidatat non proident, sunt in culpa qui officia deserunt mollit anim id est laborum sed ut perspiciatis unde omnis iste natus error sit voluptatem.

Lorem ipsum dolor sit amet, consectetur adipiscing elit, sed do eiusmod tempor incididunt ut labore et dolore magna aliqua. Ut enim ad minim veniam, quis nostrud exercitation ullamco laboris nisi ut aliquip ex ea commodo consequat. Duis aute irure dolor in reprehenderit in voluptate velit esse cillum dolore eu fugiat nulla pariatur. Excepteur sint occaecat cupidatat non proident, sunt in culpa qui officia deserunt mollit anim id est laborum sed ut perspiciatis unde omnis iste natus error sit voluptatem.

Lorem ipsum dolor sit amet, consectetur adipiscing elit, sed do eiusmod tempor incididunt ut labore et dolore magna aliqua. Ut enim ad minim veniam, quis nostrud exercitation ullamco laboris nisi ut aliquip ex ea commodo consequat. Duis aute irure dolor in reprehenderit in voluptate velit esse cillum dolore eu fugiat nulla pariatur. Excepteur sint occaecat cupidatat non proident, sunt in culpa qui officia deserunt mollit anim id est laborum sed ut perspiciatis unde omnis iste natus error sit voluptatem.

Lorem ipsum dolor sit amet, consectetur adipiscing elit, sed do eiusmod tempor incididunt ut labore et dolore magna aliqua. Ut enim ad minim veniam, quis nostrud exercitation ullamco laboris nisi ut aliquip ex ea commodo consequat. Duis aute irure dolor in reprehenderit in voluptate velit esse cillum dolore eu fugiat nulla pariatur. Excepteur sint occaecat cupidatat non proident, sunt in culpa qui officia deserunt mollit anim id est laborum sed ut perspiciatis unde omnis iste natus error sit voluptatem.

Lorem ipsum dolor sit amet, consectetur adipiscing elit, sed do eiusmod tempor incididunt ut labore et dolore magna aliqua. Ut enim ad minim veniam, quis nostrud exercitation ullamco laboris nisi ut aliquip ex ea commodo consequat. Duis aute irure dolor in reprehenderit in voluptate velit esse cillum dolore eu fugiat nulla pariatur. Excepteur sint occaecat cupidatat non proident, sunt in culpa qui officia deserunt mollit anim id est laborum sed ut perspiciatis unde omnis iste natus error sit voluptatem.

Lorem ipsum dolor sit amet, consectetur adipiscing elit, sed do eiusmod tempor incididunt ut labore et dolore magna aliqua. Ut enim ad minim veniam, quis nostrud exercitation ullamco laboris nisi ut aliquip ex ea commodo consequat. Duis aute irure dolor in reprehenderit in voluptate velit esse cillum dolore eu fugiat nulla pariatur. Excepteur sint occaecat cupidatat non proident, sunt in culpa qui officia deserunt mollit anim id est laborum sed ut perspiciatis unde omnis iste natus error sit voluptatem.

DRAME DE L'ADULTÈRE

Lorem ipsum dolor sit amet, consectetur adipiscing elit, sed do eiusmod tempor incididunt ut labore et dolore magna aliqua. Ut enim ad minim veniam, quis nostrud exercitation ullamco laboris nisi ut aliquip ex ea commodo consequat. Duis aute irure dolor in reprehenderit in voluptate velit esse cillum dolore eu fugiat nulla pariatur. Excepteur sint occaecat cupidatat non proident, sunt in culpa qui officia deserunt mollit anim id est laborum sed ut perspiciatis unde omnis iste natus error sit voluptatem.

Lorem ipsum dolor sit amet, consectetur adipiscing elit, sed do eiusmod tempor incididunt ut labore et dolore magna aliqua. Ut enim ad minim veniam, quis nostrud exercitation ullamco laboris nisi ut aliquip ex ea commodo consequat. Duis aute irure dolor in reprehenderit in voluptate velit esse cillum dolore eu fugiat nulla pariatur. Excepteur sint occaecat cupidatat non proident, sunt in culpa qui officia deserunt mollit anim id est laborum sed ut perspiciatis unde omnis iste natus error sit voluptatem.

Lorem ipsum dolor sit amet, consectetur adipiscing elit, sed do eiusmod tempor incididunt ut labore et dolore magna aliqua. Ut enim ad minim veniam, quis nostrud exercitation ullamco laboris nisi ut aliquip ex ea commodo consequat. Duis aute irure dolor in reprehenderit in voluptate velit esse cillum dolore eu fugiat nulla pariatur. Excepteur sint occaecat cupidatat non proident, sunt in culpa qui officia deserunt mollit anim id est laborum sed ut perspiciatis unde omnis iste natus error sit voluptatem.

Lorem ipsum dolor sit amet, consectetur adipiscing elit, sed do eiusmod tempor incididunt ut labore et dolore magna aliqua. Ut enim ad minim veniam, quis nostrud exercitation ullamco laboris nisi ut aliquip ex ea commodo consequat. Duis aute irure dolor in reprehenderit in voluptate velit esse cillum dolore eu fugiat nulla pariatur. Excepteur sint occaecat cupidatat non proident, sunt in culpa qui officia deserunt mollit anim id est laborum sed ut perspiciatis unde omnis iste natus error sit voluptatem.

NOS ÉCHOS

Lorem ipsum dolor sit amet, consectetur adipiscing elit, sed do eiusmod tempor incididunt ut labore et dolore magna aliqua. Ut enim ad minim veniam, quis nostrud exercitation ullamco laboris nisi ut aliquip ex ea commodo consequat. Duis aute irure dolor in reprehenderit in voluptate velit esse cillum dolore eu fugiat nulla pariatur. Excepteur sint occaecat cupidatat non proident, sunt in culpa qui officia deserunt mollit anim id est laborum sed ut perspiciatis unde omnis iste natus error sit voluptatem.

Lorem ipsum dolor sit amet, consectetur adipiscing elit, sed do eiusmod tempor incididunt ut labore et dolore magna aliqua. Ut enim ad minim veniam, quis nostrud exercitation ullamco laboris nisi ut aliquip ex ea commodo consequat. Duis aute irure dolor in reprehenderit in voluptate velit esse cillum dolore eu fugiat nulla pariatur. Excepteur sint occaecat cupidatat non proident, sunt in culpa qui officia deserunt mollit anim id est laborum sed ut perspiciatis unde omnis iste natus error sit voluptatem.

Lorem ipsum dolor sit amet, consectetur adipiscing elit, sed do eiusmod tempor incididunt ut labore et dolore magna aliqua. Ut enim ad minim veniam, quis nostrud exercitation ullamco laboris nisi ut aliquip ex ea commodo consequat. Duis aute irure dolor in reprehenderit in voluptate velit esse cillum dolore eu fugiat nulla pariatur. Excepteur sint occaecat cupidatat non proident, sunt in culpa qui officia deserunt mollit anim id est laborum sed ut perspiciatis unde omnis iste natus error sit voluptatem.

Lorem ipsum dolor sit amet, consectetur adipiscing elit, sed do eiusmod tempor incididunt ut labore et dolore magna aliqua. Ut enim ad minim veniam, quis nostrud exercitation ullamco laboris nisi ut aliquip ex ea commodo consequat. Duis aute irure dolor in reprehenderit in voluptate velit esse cillum dolore eu fugiat nulla pariatur. Excepteur sint occaecat cupidatat non proident, sunt in culpa qui officia deserunt mollit anim id est laborum sed ut perspiciatis unde omnis iste natus error sit voluptatem.

Lorem ipsum dolor sit amet, consectetur adipiscing elit, sed do eiusmod tempor incididunt ut labore et dolore magna aliqua. Ut enim ad minim veniam, quis nostrud exercitation ullamco laboris nisi ut aliquip ex ea commodo consequat. Duis aute irure dolor in reprehenderit in voluptate velit esse cillum dolore eu fugiat nulla pariatur. Excepteur sint occaecat cupidatat non proident, sunt in culpa qui officia deserunt mollit anim id est laborum sed ut perspiciatis unde omnis iste natus error sit voluptatem.

Lorem ipsum dolor sit amet, consectetur adipiscing elit, sed do eiusmod tempor incididunt ut labore et dolore magna aliqua. Ut enim ad minim veniam, quis nostrud exercitation ullamco laboris nisi ut aliquip ex ea commodo consequat. Duis aute irure dolor in reprehenderit in voluptate velit esse cillum dolore eu fugiat nulla pariatur. Excepteur sint occaecat cupidatat non proident, sunt in culpa qui officia deserunt mollit anim id est laborum sed ut perspiciatis unde omnis iste natus error sit voluptatem.

Lorem ipsum dolor sit amet, consectetur adipiscing elit, sed do eiusmod tempor incididunt ut labore et dolore magna aliqua. Ut enim ad minim veniam, quis nostrud exercitation ullamco laboris nisi ut aliquip ex ea commodo consequat. Duis aute irure dolor in reprehenderit in voluptate velit esse cillum dolore eu fugiat nulla pariatur. Excepteur sint occaecat cupidatat non proident, sunt in culpa qui officia deserunt mollit anim id est laborum sed ut perspiciatis unde omnis iste natus error sit voluptatem.

Lorem ipsum dolor sit amet, consectetur adipiscing elit, sed do eiusmod tempor incididunt ut labore et dolore magna aliqua. Ut enim ad minim veniam, quis nostrud exercitation ullamco laboris nisi ut aliquip ex ea commodo consequat. Duis aute irure dolor in reprehenderit in voluptate velit esse cillum dolore eu fugiat nulla pariatur. Excepteur sint occaecat cupidatat non proident, sunt in culpa qui officia deserunt mollit anim id est laborum sed ut perspiciatis unde omnis iste natus error sit voluptatem.

Lorem ipsum dolor sit amet, consectetur adipiscing elit, sed do eiusmod tempor incididunt ut labore et dolore magna aliqua. Ut enim ad minim veniam, quis nostrud exercitation ullamco laboris nisi ut aliquip ex ea commodo consequat. Duis aute irure dolor in reprehenderit in voluptate velit esse cillum dolore eu fugiat nulla pariatur. Excepteur sint occaecat cupidatat non proident, sunt in culpa qui officia deserunt mollit anim id est laborum sed ut perspiciatis unde omnis iste natus error sit voluptatem.

Lorem ipsum dolor sit amet, consectetur adipiscing elit, sed do eiusmod tempor incididunt ut labore et dolore magna aliqua. Ut enim ad minim veniam, quis nostrud exercitation ullamco laboris nisi ut aliquip ex ea commodo consequat. Duis aute irure dolor in reprehenderit in voluptate velit esse cillum dolore eu fugiat nulla pariatur. Excepteur sint occaecat cupidatat non proident, sunt in culpa qui officia deserunt mollit anim id est laborum sed ut perspiciatis unde omnis iste natus error sit voluptatem.

Lorem ipsum dolor sit amet, consectetur adipiscing elit, sed do eiusmod tempor incididunt ut labore et dolore magna aliqua. Ut enim ad minim veniam, quis nostrud exercitation ullamco laboris nisi ut aliquip ex ea commodo consequat. Duis aute irure dolor in reprehenderit in voluptate velit esse cillum dolore eu fugiat nulla pariatur. Excepteur sint occaecat cupidatat non proident, sunt in culpa qui officia deserunt mollit anim id est laborum sed ut perspiciatis unde omnis iste natus error sit voluptatem.

LA RIVE GAUCHE

Lorem ipsum dolor sit amet, consectetur adipiscing elit, sed do eiusmod tempor incididunt ut labore et dolore magna aliqua. Ut enim ad minim veniam, quis nostrud exercitation ullamco laboris nisi ut aliquip ex ea commodo consequat. Duis aute irure dolor in reprehenderit in voluptate velit esse cillum dolore eu fugiat nulla pariatur. Excepteur sint occaecat cupidatat non proident, sunt in culpa qui officia deserunt mollit anim id est laborum sed ut perspiciatis unde omnis iste natus error sit voluptatem.

Lorem ipsum dolor sit amet, consectetur adipiscing elit, sed do eiusmod tempor incididunt ut labore et dolore magna aliqua. Ut enim ad minim veniam, quis nostrud exercitation ullamco laboris nisi ut aliquip ex ea commodo consequat. Duis aute irure dolor in reprehenderit in voluptate velit esse cillum dolore eu fugiat nulla pariatur. Excepteur sint occaecat cupidatat non proident, sunt in culpa qui officia deserunt mollit anim id est laborum sed ut perspiciatis unde omnis iste natus error sit voluptatem.

Lorem ipsum dolor sit amet, consectetur adipiscing elit, sed do eiusmod tempor incididunt ut labore et dolore magna aliqua. Ut enim ad minim veniam, quis nostrud exercitation ullamco laboris nisi ut aliquip ex ea commodo consequat. Duis aute irure dolor in reprehenderit in voluptate velit esse cillum dolore eu fugiat nulla pariatur. Excepteur sint occaecat cupidatat non proident, sunt in culpa qui officia deserunt mollit anim id est laborum sed ut perspiciatis unde omnis iste natus error sit voluptatem.

Lorem ipsum dolor sit amet, consectetur adipiscing elit, sed do eiusmod tempor incididunt ut labore et dolore magna aliqua. Ut enim ad minim veniam, quis nostrud exercitation ullamco laboris nisi ut aliquip ex ea commodo consequat. Duis aute irure dolor in reprehenderit in voluptate velit esse cillum dolore eu fugiat nulla pariatur. Excepteur sint occaecat cupidatat non proident, sunt in culpa qui officia deserunt mollit anim id est laborum sed ut perspiciatis unde omnis iste natus error sit voluptatem.

Lorem ipsum dolor sit amet, consectetur adipiscing elit, sed do eiusmod tempor incididunt ut labore et dolore magna aliqua. Ut enim ad minim veniam, quis nostrud exercitation ullamco laboris nisi ut aliquip ex ea commodo consequat. Duis aute irure dolor in reprehenderit in voluptate velit esse cillum dolore eu fugiat nulla pariatur. Excepteur sint occaecat cupidatat non proident, sunt in culpa qui officia deserunt mollit anim id est laborum sed ut perspiciatis unde omnis iste natus error sit voluptatem.

Lorem ipsum dolor sit amet, consectetur adipiscing elit, sed do eiusmod tempor incididunt ut labore et dolore magna aliqua. Ut enim ad minim veniam, quis nostrud exercitation ullamco laboris nisi ut aliquip ex ea commodo consequat. Duis aute irure dolor in reprehenderit in voluptate velit esse cillum dolore eu fugiat nulla pariatur. Excepteur sint occaecat cupidatat non proident, sunt in culpa qui officia deserunt mollit anim id est laborum sed ut perspiciatis unde omnis iste natus error sit voluptatem.

Lorem ipsum dolor sit amet, consectetur adipiscing elit, sed do eiusmod tempor incididunt ut labore et dolore magna aliqua. Ut enim ad minim veniam, quis nostrud exercitation ullamco laboris nisi ut aliquip ex ea commodo consequat. Duis aute irure dolor in reprehenderit in voluptate velit esse cillum dolore eu fugiat nulla pariatur. Excepteur sint occaecat cupidatat non proident, sunt in culpa qui officia deserunt mollit anim id est laborum sed ut perspiciatis unde omnis iste natus error sit voluptatem.
